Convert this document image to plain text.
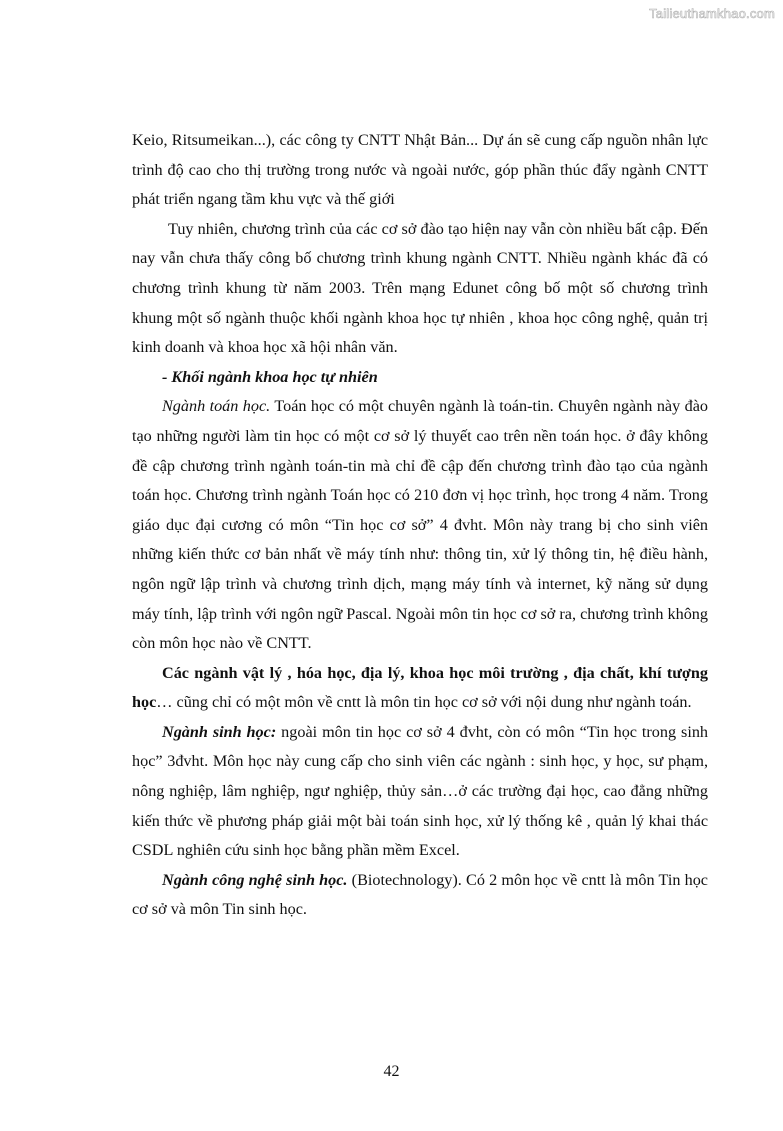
Tailieuthamkhao.com

Keio, Ritsumeikan...), các công ty CNTT Nhật Bản... Dự án sẽ cung cấp nguồn nhân lực trình độ cao cho thị trường trong nước và ngoài nước, góp phần thúc đẩy ngành CNTT phát triển ngang tầm khu vực và thế giới

Tuy nhiên, chương trình của các cơ sở đào tạo hiện nay vẫn còn nhiều bất cập. Đến nay vẫn chưa thấy công bố chương trình khung ngành CNTT. Nhiều ngành khác đã có chương trình khung từ năm 2003. Trên mạng Edunet công bố một số chương trình khung một số ngành thuộc khối ngành khoa học tự nhiên , khoa học công nghệ, quản trị kinh doanh và khoa học xã hội nhân văn.

- Khối ngành khoa học tự nhiên

Ngành toán học. Toán học có một chuyên ngành là toán-tin. Chuyên ngành này đào tạo những người làm tin học có một cơ sở lý thuyết cao trên nền toán học. ở đây không đề cập chương trình ngành toán-tin mà chỉ đề cập đến chương trình đào tạo của ngành toán học. Chương trình ngành Toán học có 210 đơn vị học trình, học trong 4 năm. Trong giáo dục đại cương có môn “Tin học cơ sở” 4 đvht. Môn này trang bị cho sinh viên những kiến thức cơ bản nhất về máy tính như: thông tin, xử lý thông tin, hệ điều hành, ngôn ngữ lập trình và chương trình dịch, mạng máy tính và internet, kỹ năng sử dụng máy tính, lập trình với ngôn ngữ Pascal. Ngoài môn tin học cơ sở ra, chương trình không còn môn học nào về CNTT.

Các ngành vật lý , hóa học, địa lý, khoa học môi trường , địa chất, khí tượng học… cũng chỉ có một môn về cntt là môn tin học cơ sở với nội dung như ngành toán.

Ngành sinh học: ngoài môn tin học cơ sở 4 đvht, còn có môn “Tin học trong sinh học” 3đvht. Môn học này cung cấp cho sinh viên các ngành : sinh học, y học, sư phạm, nông nghiệp, lâm nghiệp, ngư nghiệp, thủy sản…ở các trường đại học, cao đẳng những kiến thức về phương pháp giải một bài toán sinh học, xử lý thống kê , quản lý khai thác CSDL nghiên cứu sinh học bằng phần mềm Excel.

Ngành công nghệ sinh học. (Biotechnology). Có 2 môn học về cntt là môn Tin học cơ sở và môn Tin sinh học.

42
